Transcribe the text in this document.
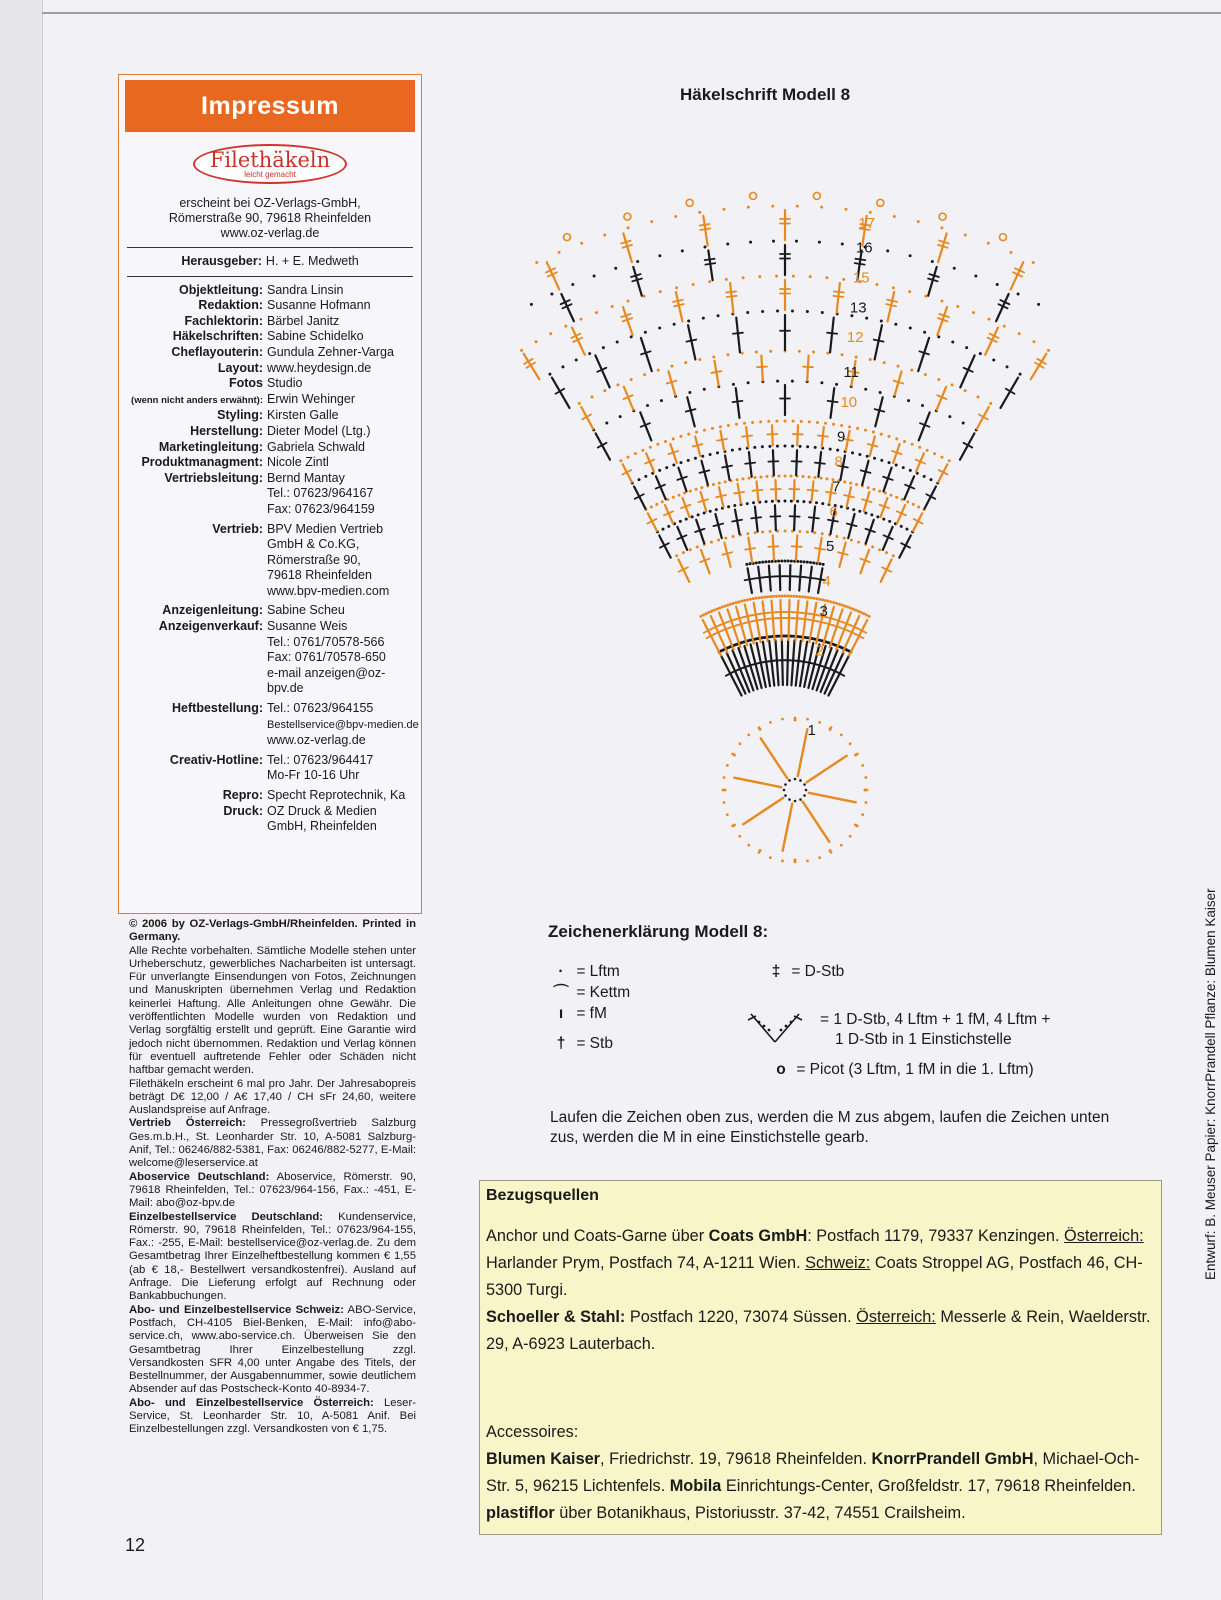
Impressum
Filethäkeln
leicht gemacht
erscheint bei OZ-Verlags-GmbH,
Römerstraße 90, 79618 Rheinfelden
www.oz-verlag.de
Herausgeber: H. + E. Medweth
Objektleitung: Sandra Linsin
Redaktion: Susanne Hofmann
Fachlektorin: Bärbel Janitz
Häkelschriften: Sabine Schidelko
Cheflayouterin: Gundula Zehner-Varga
Layout: www.heydesign.de
Fotos Studio
(wenn nicht anders erwähnt): Erwin Wehinger
Styling: Kirsten Galle
Herstellung: Dieter Model (Ltg.)
Marketingleitung: Gabriela Schwald
Produktmanagment: Nicole Zintl
Vertriebsleitung: Bernd Mantay
Tel.: 07623/964167
Fax: 07623/964159
Vertrieb: BPV Medien Vertrieb
GmbH & Co.KG,
Römerstraße 90,
79618 Rheinfelden
www.bpv-medien.com
Anzeigenleitung: Sabine Scheu
Anzeigenverkauf: Susanne Weis
Tel.: 0761/70578-566
Fax: 0761/70578-650
e-mail anzeigen@oz-bpv.de
Heftbestellung: Tel.: 07623/964155
Bestellservice@bpv-medien.de
www.oz-verlag.de
Creativ-Hotline: Tel.: 07623/964417
Mo-Fr 10-16 Uhr
Repro: Specht Reprotechnik, Ka
Druck: OZ Druck & Medien
GmbH, Rheinfelden

© 2006 by OZ-Verlags-GmbH/Rheinfelden. Printed in Germany.

Alle Rechte vorbehalten. Sämtliche Modelle stehen unter Urheberschutz, gewerbliches Nacharbeiten ist untersagt. Für unverlangte Einsendungen von Fotos, Zeichnungen und Manuskripten übernehmen Verlag und Redaktion keinerlei Haftung. Alle Anleitungen ohne Gewähr. Die veröffentlichten Modelle wurden von Redaktion und Verlag sorgfältig erstellt und geprüft. Eine Garantie wird jedoch nicht übernommen. Redaktion und Verlag können für eventuell auftretende Fehler oder Schäden nicht haftbar gemacht werden.

Filethäkeln erscheint 6 mal pro Jahr. Der Jahresabopreis beträgt D€ 12,00 / A€ 17,40 / CH sFr 24,60, weitere Auslandspreise auf Anfrage.

Vertrieb Österreich: Pressegroßvertrieb Salzburg Ges.m.b.H., St. Leonharder Str. 10, A-5081 Salzburg-Anif, Tel.: 06246/882-5381, Fax: 06246/882-5277, E-Mail: welcome@leserservice.at

Aboservice Deutschland: Aboservice, Römerstr. 90, 79618 Rheinfelden, Tel.: 07623/964-156, Fax.: -451, E-Mail: abo@oz-bpv.de

Einzelbestellservice Deutschland: Kundenservice, Römerstr. 90, 79618 Rheinfelden, Tel.: 07623/964-155, Fax.: -255, E-Mail: bestellservice@oz-verlag.de. Zu dem Gesamtbetrag Ihrer Einzelheftbestellung kommen € 1,55 (ab € 18,- Bestellwert versandkostenfrei). Ausland auf Anfrage. Die Lieferung erfolgt auf Rechnung oder Bankabbuchungen.

Abo- und Einzelbestellservice Schweiz: ABO-Service, Postfach, CH-4105 Biel-Benken, E-Mail: info@abo-service.ch, www.abo-service.ch. Überweisen Sie den Gesamtbetrag Ihrer Einzelbestellung zzgl. Versandkosten SFR 4,00 unter Angabe des Titels, der Bestellnummer, der Ausgabennummer, sowie deutlichem Absender auf das Postscheck-Konto 40-8934-7.

Abo- und Einzelbestellservice Österreich: Leser-Service, St. Leonharder Str. 10, A-5081 Anif. Bei Einzelbestellungen zzgl. Versandkosten von € 1,75.

12
Häkelschrift Modell 8
1
2
3
4
5
6
7
8
9
10
11
12
13
15
16
17
Zeichenerklärung Modell 8:
· = Lftm
⌒ = Kettm
ı = fM
† = Stb
‡ = D-Stb
= 1 D-Stb, 4 Lftm + 1 fM, 4 Lftm +
1 D-Stb in 1 Einstichstelle
o = Picot (3 Lftm, 1 fM in die 1. Lftm)
Laufen die Zeichen oben zus, werden die M zus abgem, laufen die Zeichen unten zus, werden die M in eine Einstichstelle gearb.
Bezugsquellen
Anchor und Coats-Garne über Coats GmbH: Postfach 1179, 79337 Kenzingen. Österreich: Harlander Prym, Postfach 74, A-1211 Wien. Schweiz: Coats Stroppel AG, Postfach 46, CH-5300 Turgi.
Schoeller & Stahl: Postfach 1220, 73074 Süssen. Österreich: Messerle & Rein, Waelderstr. 29, A-6923 Lauterbach.
Accessoires:
Blumen Kaiser, Friedrichstr. 19, 79618 Rheinfelden. KnorrPrandell GmbH, Michael-Och-Str. 5, 96215 Lichtenfels. Mobila Einrichtungs-Center, Großfeldstr. 17, 79618 Rheinfelden. plastiflor über Botanikhaus, Pistoriusstr. 37-42, 74551 Crailsheim.
Entwurf: B. Meuser Papier: KnorrPrandell Pflanze: Blumen Kaiser
